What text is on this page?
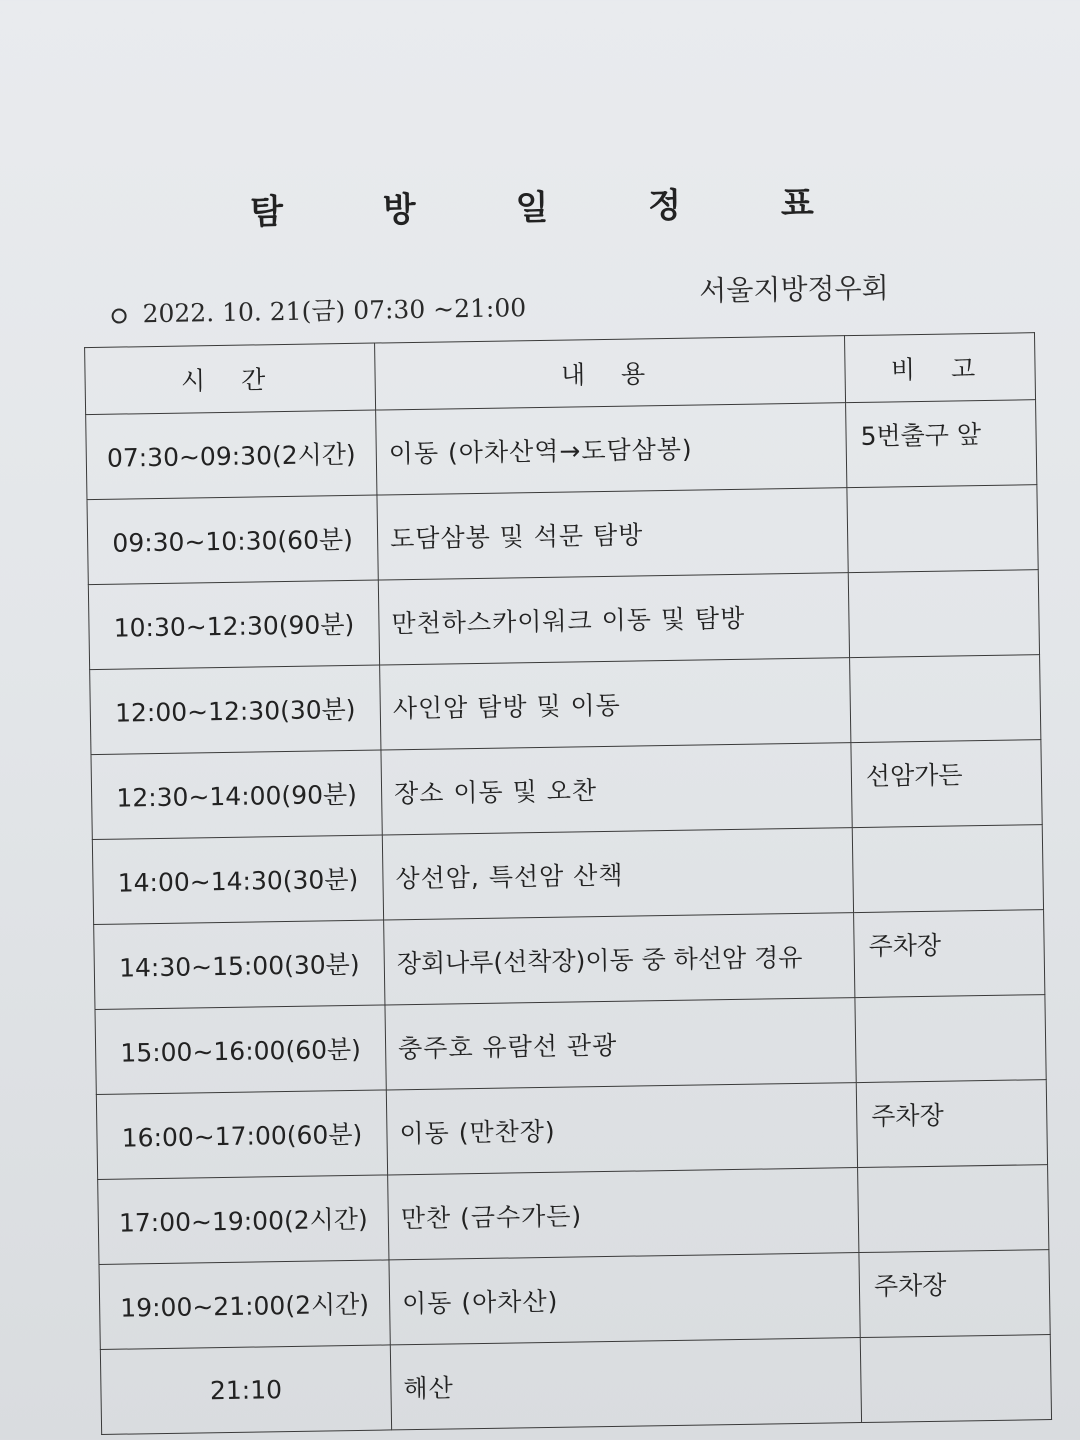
탐 방 일 정 표
2022. 10. 21(금) 07:30 ~21:00
서울지방정우회
시 간	내 용	비 고
07:30~09:30(2시간)	이동 (아차산역→도담삼봉)	5번출구 앞
09:30~10:30(60분)	도담삼봉 및 석문 탐방	
10:30~12:30(90분)	만천하스카이워크 이동 및 탐방	
12:00~12:30(30분)	사인암 탐방 및 이동	
12:30~14:00(90분)	장소 이동 및 오찬	선암가든
14:00~14:30(30분)	상선암, 특선암 산책	
14:30~15:00(30분)	장회나루(선착장)이동 중 하선암 경유	주차장
15:00~16:00(60분)	충주호 유람선 관광	
16:00~17:00(60분)	이동 (만찬장)	주차장
17:00~19:00(2시간)	만찬 (금수가든)	
19:00~21:00(2시간)	이동 (아차산)	주차장
21:10	해산	
